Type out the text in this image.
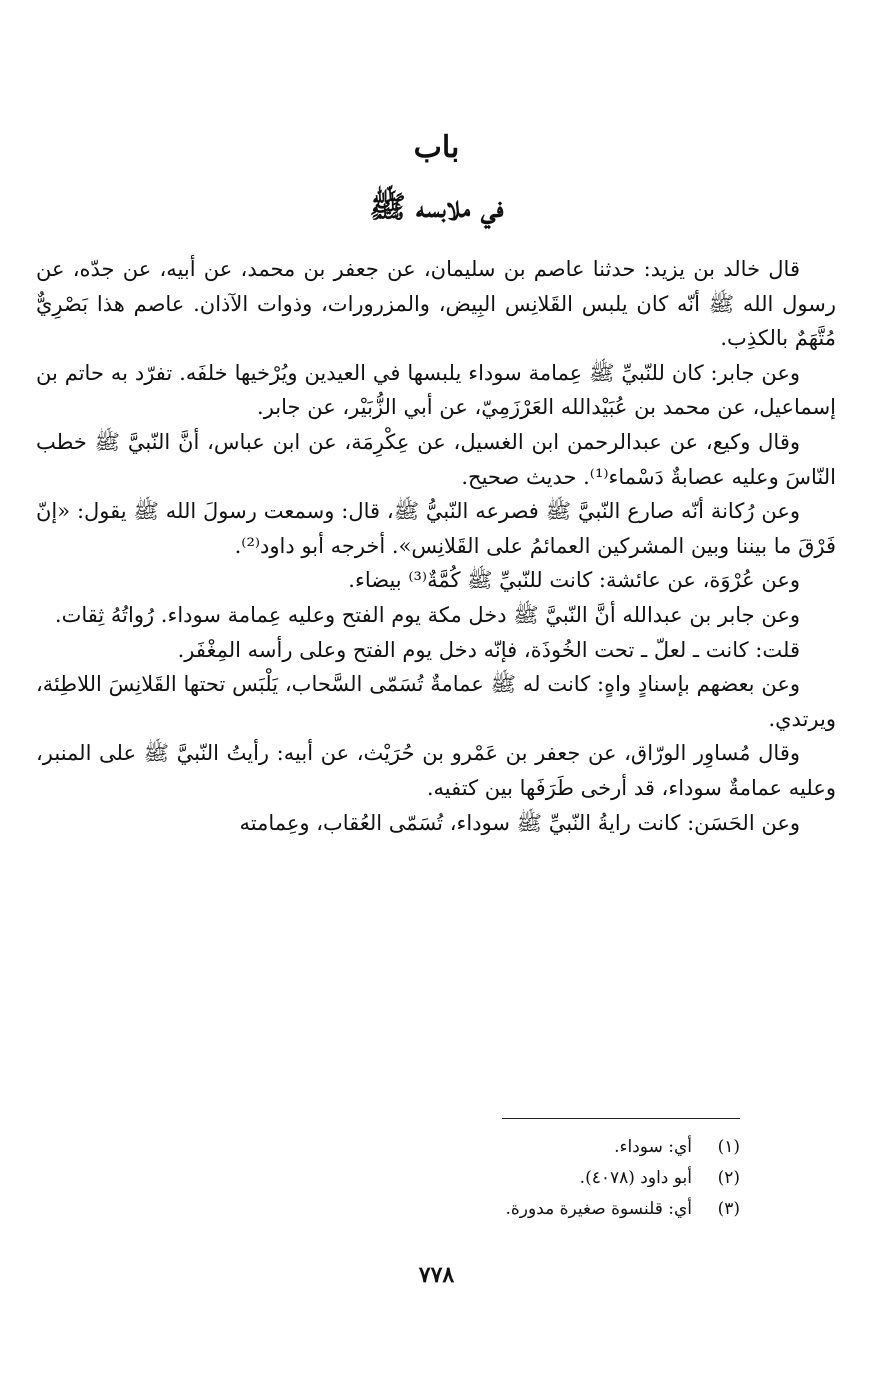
باب
في ملابسه ﷺ

قال خالد بن يزيد: حدثنا عاصم بن سليمان، عن جعفر بن محمد، عن أبيه، عن جدّه، عن رسول الله ﷺ أنّه كان يلبس القَلانِس البِيض، والمزرورات، وذوات الآذان. عاصم هذا بَصْرِيٌّ مُتَّهَمٌ بالكذِب.

وعن جابر: كان للنّبيِّ ﷺ عِمامة سوداء يلبسها في العيدين ويُرْخيها خلفَه. تفرّد به حاتم بن إسماعيل، عن محمد بن عُبَيْدالله العَرْزَمِيّ، عن أبي الزُّبَيْر، عن جابر.

وقال وكيع، عن عبدالرحمن ابن الغسيل، عن عِكْرِمَة، عن ابن عباس، أنَّ النّبيَّ ﷺ خطب النّاسَ وعليه عصابةٌ دَسْماء⁽¹⁾. حديث صحيح.

وعن رُكانة أنّه صارع النّبيَّ ﷺ فصرعه النّبيُّ ﷺ، قال: وسمعت رسولَ الله ﷺ يقول: «إنّ فَرْقَ ما بيننا وبين المشركين العمائمُ على القَلانِس». أخرجه أبو داود⁽²⁾.

وعن عُرْوَة، عن عائشة: كانت للنّبيِّ ﷺ كُمَّةٌ⁽³⁾ بيضاء.

وعن جابر بن عبدالله أنَّ النّبيَّ ﷺ دخل مكة يوم الفتح وعليه عِمامة سوداء. رُواتُهُ ثِقات.

قلت: كانت ـ لعلّ ـ تحت الخُوذَة، فإنّه دخل يوم الفتح وعلى رأسه المِغْفَر.

وعن بعضهم بإسنادٍ واهٍ: كانت له ﷺ عمامةٌ تُسَمّى السَّحاب، يَلْبَس تحتها القَلانِسَ اللاطِئة، ويرتدي.

وقال مُساوِر الورّاق، عن جعفر بن عَمْرو بن حُرَيْث، عن أبيه: رأيتُ النّبيَّ ﷺ على المنبر، وعليه عمامةٌ سوداء، قد أرخى طَرَفَها بين كتفيه.

وعن الحَسَن: كانت رايةُ النّبيِّ ﷺ سوداء، تُسَمّى العُقاب، وعِمامته

(١)أي: سوداء.
(٢)أبو داود (٤٠٧٨).
(٣)أي: قلنسوة صغيرة مدورة.
٧٧٨
